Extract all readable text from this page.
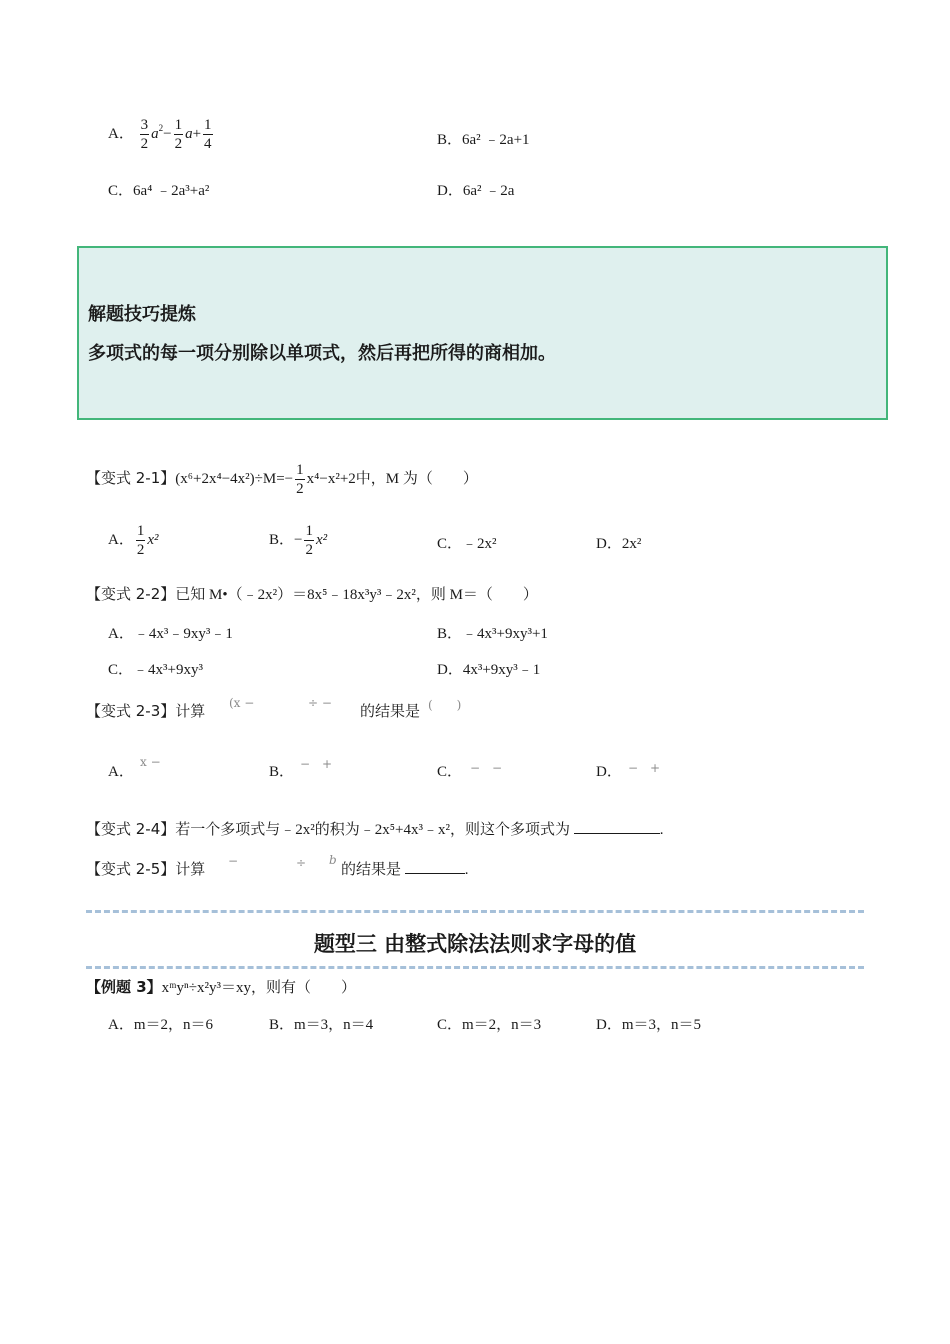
A． $\frac{3}{2} a^2- \frac{1}{2} a+ \frac{1}{4}$	B．6a² ﹣2a+1
C．6a⁴ ﹣2a³+a²	D．6a² ﹣2a
解题技巧提炼
多项式的每一项分别除以单项式，然后再把所得的商相加。
【变式 2-1】$(x^6+2x^4-4x^2)\div M=- \frac{1}{2} x^4-x^2+2$中，M 为（　　）
A． $\frac{1}{2} x^2$	B．− $\frac{1}{2} x^2$	C．﹣2x²	D．2x²
【变式 2-2】已知 M•（﹣2x²）＝8x⁵﹣18x³y³﹣2x²，则 M＝（　　）
A．﹣4x³﹣9xy³﹣1	B．﹣4x³+9xy³+1
C．﹣4x³+9xy³	D．4x³+9xy³﹣1
【变式 2-3】计算
(x −	÷ −
的结果是 (　　)
A．
x −
B． −　+	C． −　−	D． −　+
【变式 2-4】若一个多项式与﹣2x²的积为﹣2x⁵+4x³﹣x²，则这个多项式为	.
【变式 2-5】计算
−	÷ b
的结果是	.
题型三 由整式除法法则求字母的值
【例题 3】xᵐyⁿ÷x²y³＝xy，则有（　　）
A．m＝2，n＝6	B．m＝3，n＝4	C．m＝2，n＝3	D．m＝3，n＝5
